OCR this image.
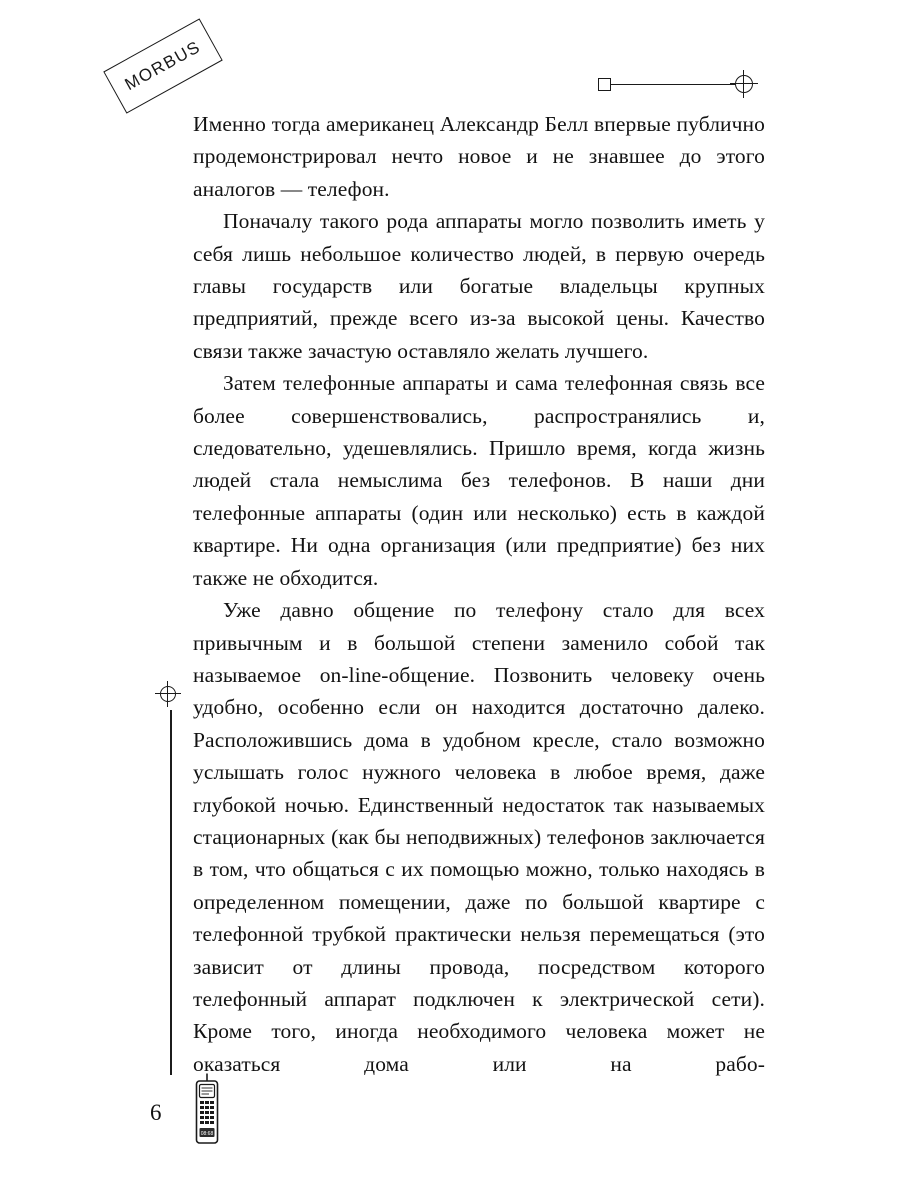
MORBUS

Именно тогда американец Александр Белл впервые публично продемонстрировал нечто новое и не знавшее до этого аналогов — телефон.

Поначалу такого рода аппараты могло позволить иметь у себя лишь небольшое количество людей, в первую очередь главы государств или богатые владельцы крупных предприятий, прежде всего из-за высокой цены. Качество связи также зачастую оставляло желать лучшего.

Затем телефонные аппараты и сама телефонная связь все более совершенствовались, распространялись и, следовательно, удешевлялись. Пришло время, когда жизнь людей стала немыслима без телефонов. В наши дни телефонные аппараты (один или несколько) есть в каждой квартире. Ни одна организация (или предприятие) без них также не обходится.

Уже давно общение по телефону стало для всех привычным и в большой степени заменило собой так называемое on-line-общение. Позвонить человеку очень удобно, особенно если он находится достаточно далеко. Расположившись дома в удобном кресле, стало возможно услышать голос нужного человека в любое время, даже глубокой ночью. Единственный недостаток так называемых стационарных (как бы неподвижных) телефонов заключается в том, что общаться с их помощью можно, только находясь в определенном помещении, даже по большой квартире с телефонной трубкой практически нельзя перемещаться (это зависит от длины провода, посредством которого телефонный аппарат подключен к электрической сети). Кроме того, иногда необходимого человека может не оказаться дома или на рабо-

6
08:68
